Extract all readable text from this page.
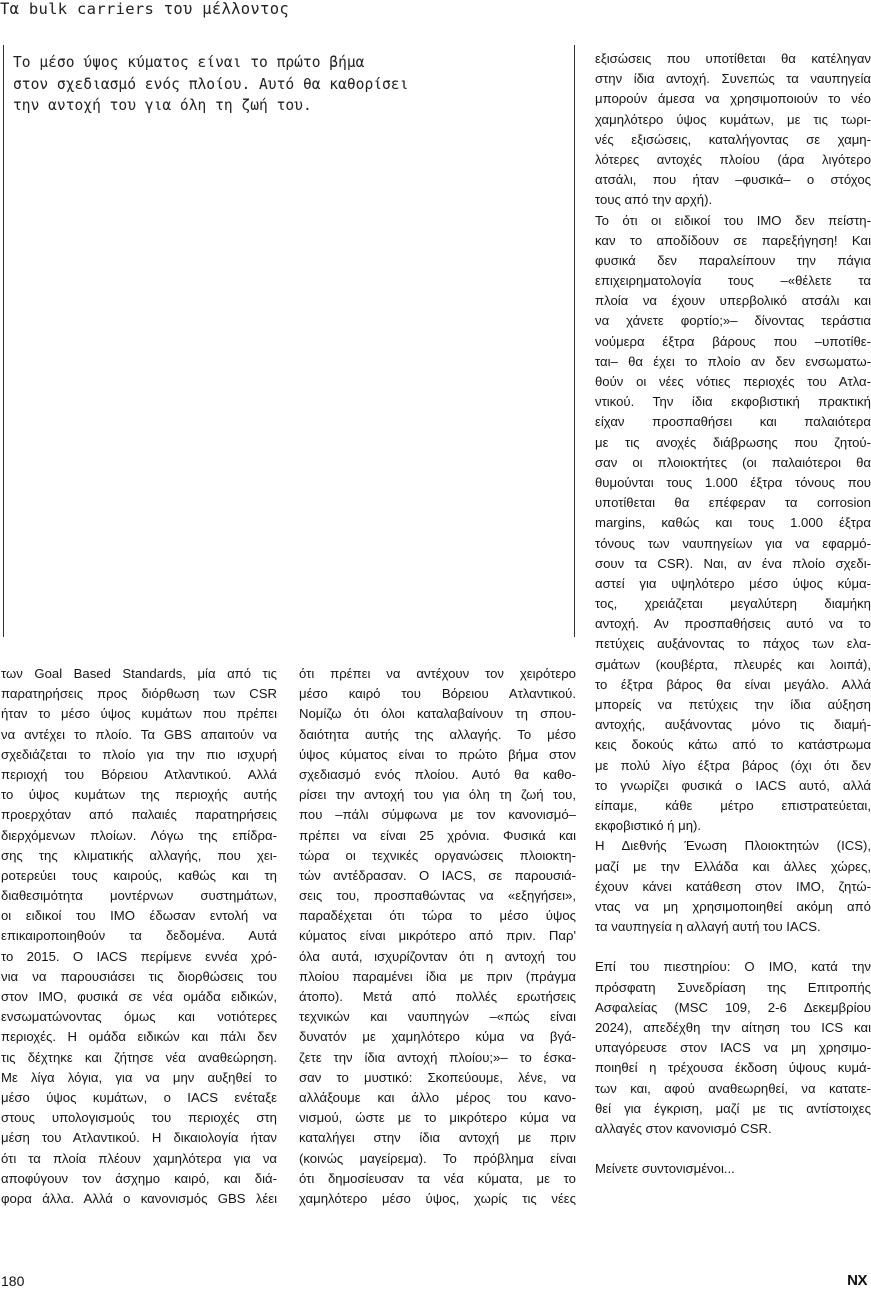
Τα bulk carriers του μέλλοντος
Το μέσο ύψος κύματος είναι το πρώτο βήμα
στον σχεδιασμό ενός πλοίου. Αυτό θα καθορίσει
την αντοχή του για όλη τη ζωή του.
των Goal Based Standards, μία από τις
παρατηρήσεις προς διόρθωση των CSR
ήταν το μέσο ύψος κυμάτων που πρέπει
να αντέχει το πλοίο. Τα GBS απαιτούν να
σχεδιάζεται το πλοίο για την πιο ισχυρή
περιοχή του Βόρειου Ατλαντικού. Αλλά
το ύψος κυμάτων της περιοχής αυτής
προερχόταν από παλαιές παρατηρήσεις
διερχόμενων πλοίων. Λόγω της επίδρα-
σης της κλιματικής αλλαγής, που χει-
ροτερεύει τους καιρούς, καθώς και τη
διαθεσιμότητα μοντέρνων συστημάτων,
οι ειδικοί του IMO έδωσαν εντολή να
επικαιροποιηθούν τα δεδομένα. Αυτά
το 2015. Ο IACS περίμενε εννέα χρό-
νια να παρουσιάσει τις διορθώσεις του
στον IMO, φυσικά σε νέα ομάδα ειδικών,
ενσωματώνοντας όμως και νοτιότερες
περιοχές. Η ομάδα ειδικών και πάλι δεν
τις δέχτηκε και ζήτησε νέα αναθεώρηση.
Με λίγα λόγια, για να μην αυξηθεί το
μέσο ύψος κυμάτων, ο IACS ενέταξε
στους υπολογισμούς του περιοχές στη
μέση του Ατλαντικού. Η δικαιολογία ήταν
ότι τα πλοία πλέουν χαμηλότερα για να
αποφύγουν τον άσχημο καιρό, και διά-
φορα άλλα. Αλλά ο κανονισμός GBS λέει
ότι πρέπει να αντέχουν τον χειρότερο
μέσο καιρό του Βόρειου Ατλαντικού.
Νομίζω ότι όλοι καταλαβαίνουν τη σπου-
δαιότητα αυτής της αλλαγής. Το μέσο
ύψος κύματος είναι το πρώτο βήμα στον
σχεδιασμό ενός πλοίου. Αυτό θα καθο-
ρίσει την αντοχή του για όλη τη ζωή του,
που –πάλι σύμφωνα με τον κανονισμό–
πρέπει να είναι 25 χρόνια. Φυσικά και
τώρα οι τεχνικές οργανώσεις πλοιοκτη-
τών αντέδρασαν. Ο IACS, σε παρουσιά-
σεις του, προσπαθώντας να «εξηγήσει»,
παραδέχεται ότι τώρα το μέσο ύψος
κύματος είναι μικρότερο από πριν. Παρ'
όλα αυτά, ισχυρίζονταν ότι η αντοχή του
πλοίου παραμένει ίδια με πριν (πράγμα
άτοπο). Μετά από πολλές ερωτήσεις
τεχνικών και ναυπηγών –«πώς είναι
δυνατόν με χαμηλότερο κύμα να βγά-
ζετε την ίδια αντοχή πλοίου;»– το έσκα-
σαν το μυστικό: Σκοπεύουμε, λένε, να
αλλάξουμε και άλλο μέρος του κανο-
νισμού, ώστε με το μικρότερο κύμα να
καταλήγει στην ίδια αντοχή με πριν
(κοινώς μαγείρεμα). Το πρόβλημα είναι
ότι δημοσίευσαν τα νέα κύματα, με το
χαμηλότερο μέσο ύψος, χωρίς τις νέες
εξισώσεις που υποτίθεται θα κατέληγαν
στην ίδια αντοχή. Συνεπώς τα ναυπηγεία
μπορούν άμεσα να χρησιμοποιούν το νέο
χαμηλότερο ύψος κυμάτων, με τις τωρι-
νές εξισώσεις, καταλήγοντας σε χαμη-
λότερες αντοχές πλοίου (άρα λιγότερο
ατσάλι, που ήταν –φυσικά– ο στόχος
τους από την αρχή).
Το ότι οι ειδικοί του IMO δεν πείστη-
καν το αποδίδουν σε παρεξήγηση! Και
φυσικά δεν παραλείπουν την πάγια
επιχειρηματολογία τους –«θέλετε τα
πλοία να έχουν υπερβολικό ατσάλι και
να χάνετε φορτίο;»– δίνοντας τεράστια
νούμερα έξτρα βάρους που –υποτίθε-
ται– θα έχει το πλοίο αν δεν ενσωματω-
θούν οι νέες νότιες περιοχές του Ατλα-
ντικού. Την ίδια εκφοβιστική πρακτική
είχαν προσπαθήσει και παλαιότερα
με τις ανοχές διάβρωσης που ζητού-
σαν οι πλοιοκτήτες (οι παλαιότεροι θα
θυμούνται τους 1.000 έξτρα τόνους που
υποτίθεται θα επέφεραν τα corrosion
margins, καθώς και τους 1.000 έξτρα
τόνους των ναυπηγείων για να εφαρμό-
σουν τα CSR). Ναι, αν ένα πλοίο σχεδι-
αστεί για υψηλότερο μέσο ύψος κύμα-
τος, χρειάζεται μεγαλύτερη διαμήκη
αντοχή. Αν προσπαθήσεις αυτό να το
πετύχεις αυξάνοντας το πάχος των ελα-
σμάτων (κουβέρτα, πλευρές και λοιπά),
το έξτρα βάρος θα είναι μεγάλο. Αλλά
μπορείς να πετύχεις την ίδια αύξηση
αντοχής, αυξάνοντας μόνο τις διαμή-
κεις δοκούς κάτω από το κατάστρωμα
με πολύ λίγο έξτρα βάρος (όχι ότι δεν
το γνωρίζει φυσικά ο IACS αυτό, αλλά
είπαμε, κάθε μέτρο επιστρατεύεται,
εκφοβιστικό ή μη).
Η Διεθνής Ένωση Πλοιοκτητών (ICS),
μαζί με την Ελλάδα και άλλες χώρες,
έχουν κάνει κατάθεση στον IMO, ζητώ-
ντας να μη χρησιμοποιηθεί ακόμη από
τα ναυπηγεία η αλλαγή αυτή του IACS.
Επί του πιεστηρίου: Ο IMO, κατά την
πρόσφατη Συνεδρίαση της Επιτροπής
Ασφαλείας (MSC 109, 2-6 Δεκεμβρίου
2024), απεδέχθη την αίτηση του ICS και
υπαγόρευσε στον IACS να μη χρησιμο-
ποιηθεί η τρέχουσα έκδοση ύψους κυμά-
των και, αφού αναθεωρηθεί, να κατατε-
θεί για έγκριση, μαζί με τις αντίστοιχες
αλλαγές στον κανονισμό CSR.
Μείνετε συντονισμένοι...
180	NX
